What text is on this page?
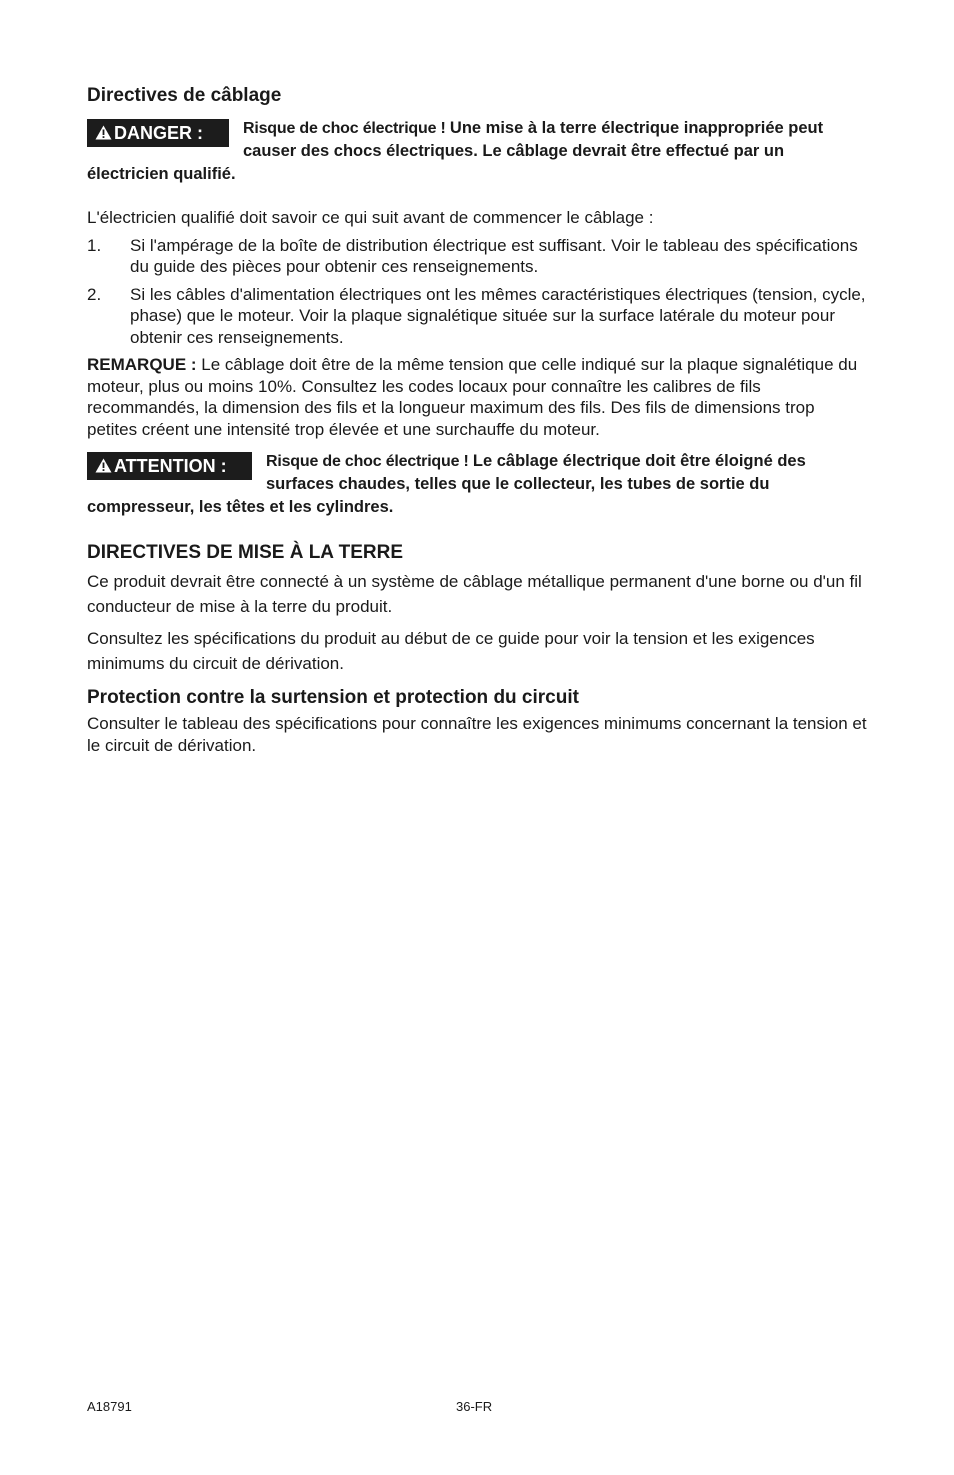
Directives de câblage
DANGER :	Risque de choc électrique ! Une mise à la terre électrique inappropriée peut causer des chocs électriques. Le câblage devrait être effectué par un électricien qualifié.

L'électricien qualifié doit savoir ce qui suit avant de commencer le câblage :

1. Si l'ampérage de la boîte de distribution électrique est suffisant. Voir le tableau des spécifications du guide des pièces pour obtenir ces renseignements.
2. Si les câbles d'alimentation électriques ont les mêmes caractéristiques électriques (tension, cycle, phase) que le moteur. Voir la plaque signalétique située sur la surface latérale du moteur pour obtenir ces renseignements.

REMARQUE : Le câblage doit être de la même tension que celle indiqué sur la plaque signalétique du moteur, plus ou moins 10%. Consultez les codes locaux pour connaître les calibres de fils recommandés, la dimension des fils et la longueur maximum des fils. Des fils de dimensions trop petites créent une intensité trop élevée et une surchauffe du moteur.

ATTENTION :	Risque de choc électrique ! Le câblage électrique doit être éloigné des surfaces chaudes, telles que le collecteur, les tubes de sortie du compresseur, les têtes et les cylindres.
DIRECTIVES DE MISE À LA TERRE

Ce produit devrait être connecté à un système de câblage métallique permanent d'une borne ou d'un fil conducteur de mise à la terre du produit.

Consultez les spécifications du produit au début de ce guide pour voir la tension et les exigences minimums du circuit de dérivation.

Protection contre la surtension et protection du circuit

Consulter le tableau des spécifications pour connaître les exigences minimums concernant la tension et le circuit de dérivation.

A18791	36-FR
